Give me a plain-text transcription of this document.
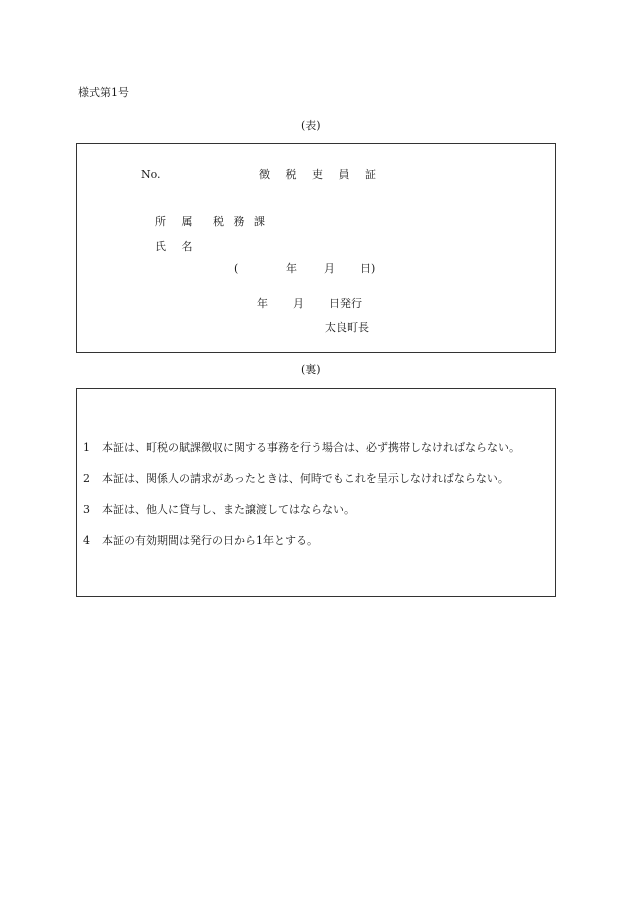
様式第1号
(表)
No.	徴 税 吏 員 証
所 属 税 務 課
氏 名
(	年 月 日)
年 月 日発行
太良町長
(裏)
1 本証は、町税の賦課徴収に関する事務を行う場合は、必ず携帯しなければならない。
2 本証は、関係人の請求があったときは、何時でもこれを呈示しなければならない。
3 本証は、他人に貸与し、また譲渡してはならない。
4 本証の有効期間は発行の日から1年とする。
